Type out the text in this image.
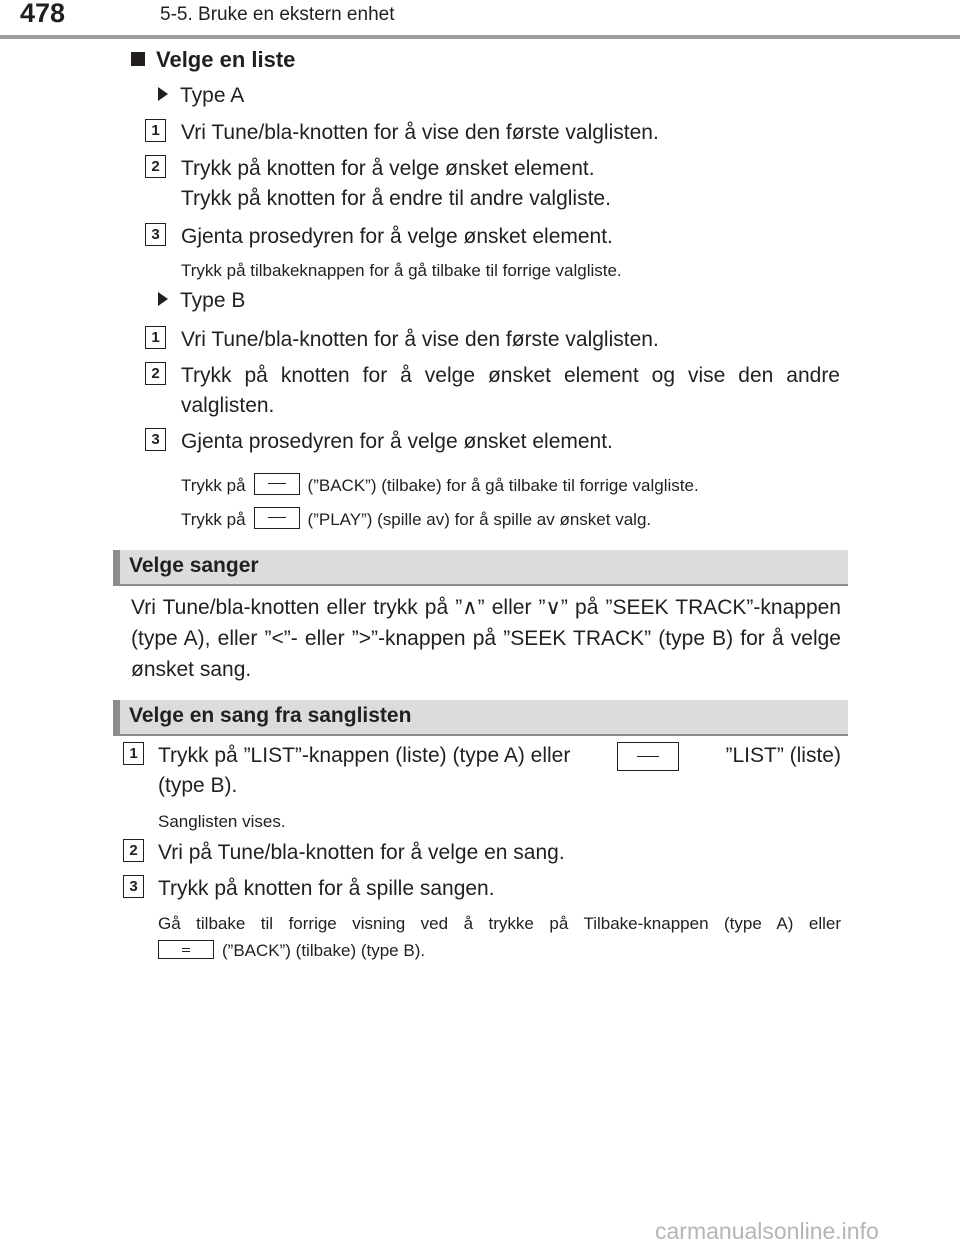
478	5-5. Bruke en ekstern enhet
Velge en liste
Type A
1	Vri Tune/bla-knotten for å vise den første valglisten.
2	Trykk på knotten for å velge ønsket element.
Trykk på knotten for å endre til andre valgliste.
3	Gjenta prosedyren for å velge ønsket element.
Trykk på tilbakeknappen for å gå tilbake til forrige valgliste.
Type B
1	Vri Tune/bla-knotten for å vise den første valglisten.
2	Trykk på knotten for å velge ønsket element og vise den andre
valglisten.
3	Gjenta prosedyren for å velge ønsket element.
Trykk på	(”BACK”) (tilbake) for å gå tilbake til forrige valgliste.
Trykk på	(”PLAY”) (spille av) for å spille av ønsket valg.
Velge sanger
Vri Tune/bla-knotten eller trykk på ”∧” eller ”∨” på ”SEEK TRACK”-knappen (type A), eller ”<”- eller ”>”-knappen på ”SEEK TRACK” (type B) for å velge ønsket sang.
Velge en sang fra sanglisten
1 Trykk på ”LIST”-knappen (liste) (type A) eller	”LIST” (liste)
(type B).
Sanglisten vises.
2 Vri på Tune/bla-knotten for å velge en sang.
3 Trykk på knotten for å spille sangen.
Gå tilbake til forrige visning ved å trykke på Tilbake-knappen (type A) eller
(”BACK”) (tilbake) (type B).
carmanualsonline.info
